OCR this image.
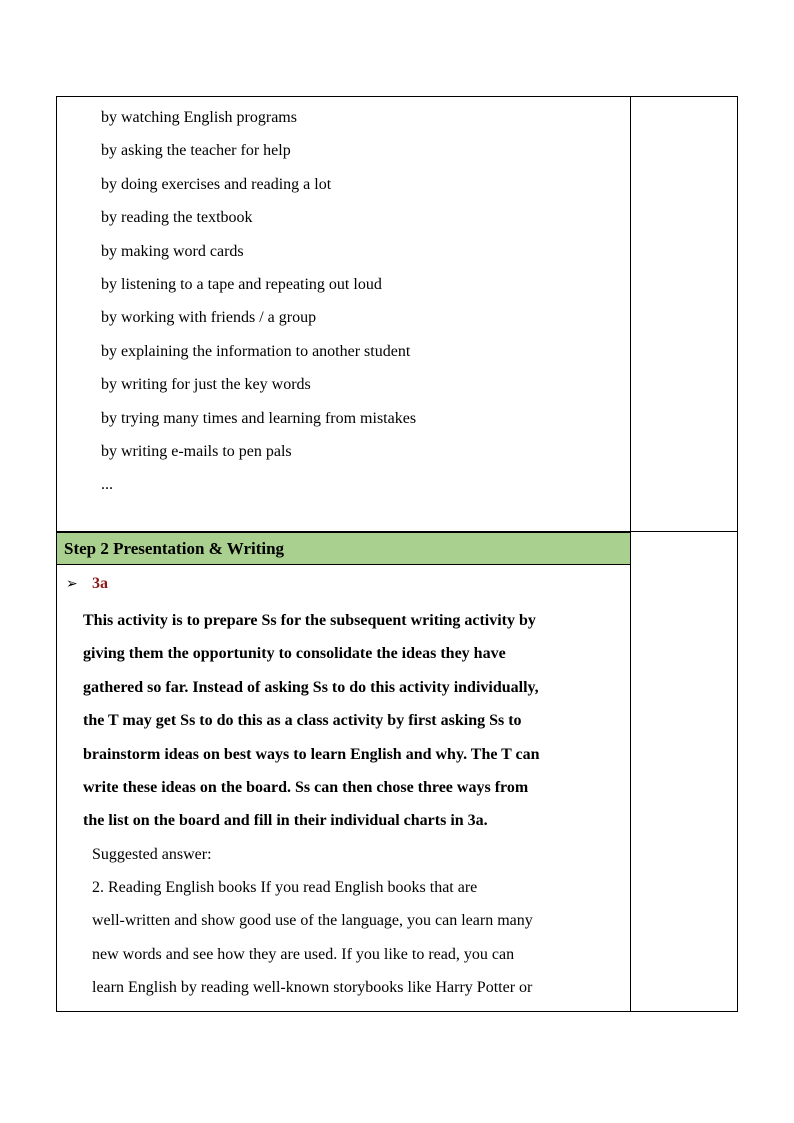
by watching English programs
by asking the teacher for help
by doing exercises and reading a lot
by reading the textbook
by making word cards
by listening to a tape and repeating out loud
by working with friends / a group
by explaining the information to another student
by writing for just the key words
by trying many times and learning from mistakes
by writing e-mails to pen pals
...
Step 2 Presentation & Writing
➢ 3a
This activity is to prepare Ss for the subsequent writing activity by
giving them the opportunity to consolidate the ideas they have
gathered so far. Instead of asking Ss to do this activity individually,
the T may get Ss to do this as a class activity by first asking Ss to
brainstorm ideas on best ways to learn English and why. The T can
write these ideas on the board. Ss can then chose three ways from
the list on the board and fill in their individual charts in 3a.
Suggested answer:
2. Reading English books If you read English books that are
well-written and show good use of the language, you can learn many
new words and see how they are used. If you like to read, you can
learn English by reading well-known storybooks like Harry Potter or
